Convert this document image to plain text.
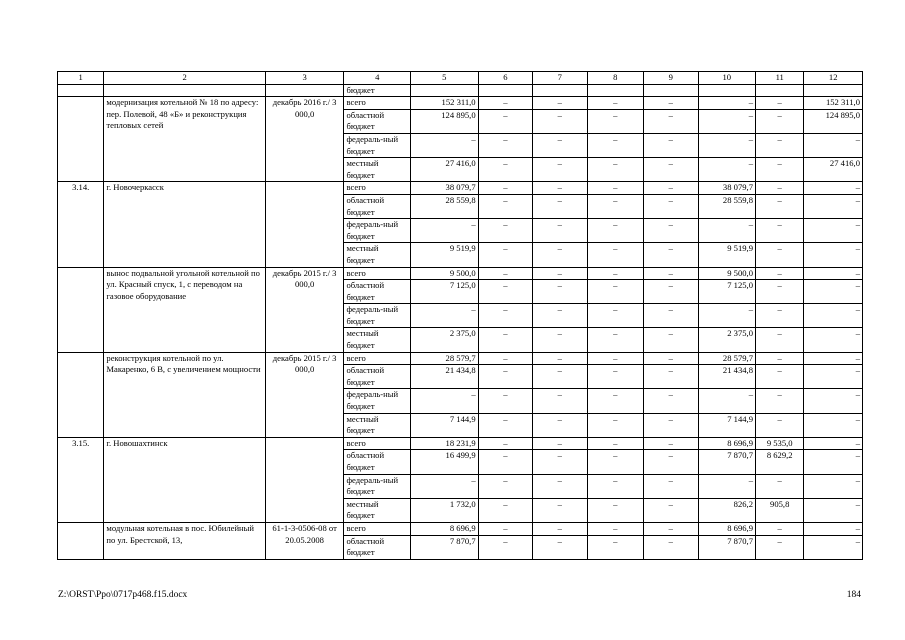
1	2	3	4	5	6	7	8	9	10	11	12
			бюджет								
	модернизация котельной № 18 по адресу: пер. Полевой, 48 «Б» и реконструкция тепловых сетей	декабрь 2016 г./ 3 000,0	всего	152 311,0	–	–	–	–	–	–	152 311,0
			областной бюджет	124 895,0	–	–	–	–	–	–	124 895,0
			федераль-ный бюджет	–	–	–	–	–	–	–	–
			местный бюджет	27 416,0	–	–	–	–	–	–	27 416,0
3.14.	г. Новочеркасск		всего	38 079,7	–	–	–	–	38 079,7	–	–
			областной бюджет	28 559,8	–	–	–	–	28 559,8	–	–
			федераль-ный бюджет	–	–	–	–	–	–	–	–
			местный бюджет	9 519,9	–	–	–	–	9 519,9	–	–
	вынос подвальной угольной котельной по ул. Красный спуск, 1, с переводом на газовое оборудование	декабрь 2015 г./ 3 000,0	всего	9 500,0	–	–	–	–	9 500,0	–	–
			областной бюджет	7 125,0	–	–	–	–	7 125,0	–	–
			федераль-ный бюджет	–	–	–	–	–	–	–	–
			местный бюджет	2 375,0	–	–	–	–	2 375,0	–	–
	реконструкция котельной по ул. Макаренко, 6 В, с увеличением мощности	декабрь 2015 г./ 3 000,0	всего	28 579,7	–	–	–	–	28 579,7	–	–
			областной бюджет	21 434,8	–	–	–	–	21 434,8	–	–
			федераль-ный бюджет	–	–	–	–	–	–	–	–
			местный бюджет	7 144,9	–	–	–	–	7 144,9	–	–
3.15.	г. Новошахтинск		всего	18 231,9	–	–	–	–	8 696,9	9 535,0	–
			областной бюджет	16 499,9	–	–	–	–	7 870,7	8 629,2	–
			федераль-ный бюджет	–	–	–	–	–	–	–	–
			местный бюджет	1 732,0	–	–	–	–	826,2	905,8	–
	модульная котельная в пос. Юбилейный по ул. Брестской, 13,	61-1-3-0506-08 от 20.05.2008	всего	8 696,9	–	–	–	–	8 696,9	–	–
			областной бюджет	7 870,7	–	–	–	–	7 870,7	–	–
Z:\ORST\Ppo\0717p468.f15.docx	184
